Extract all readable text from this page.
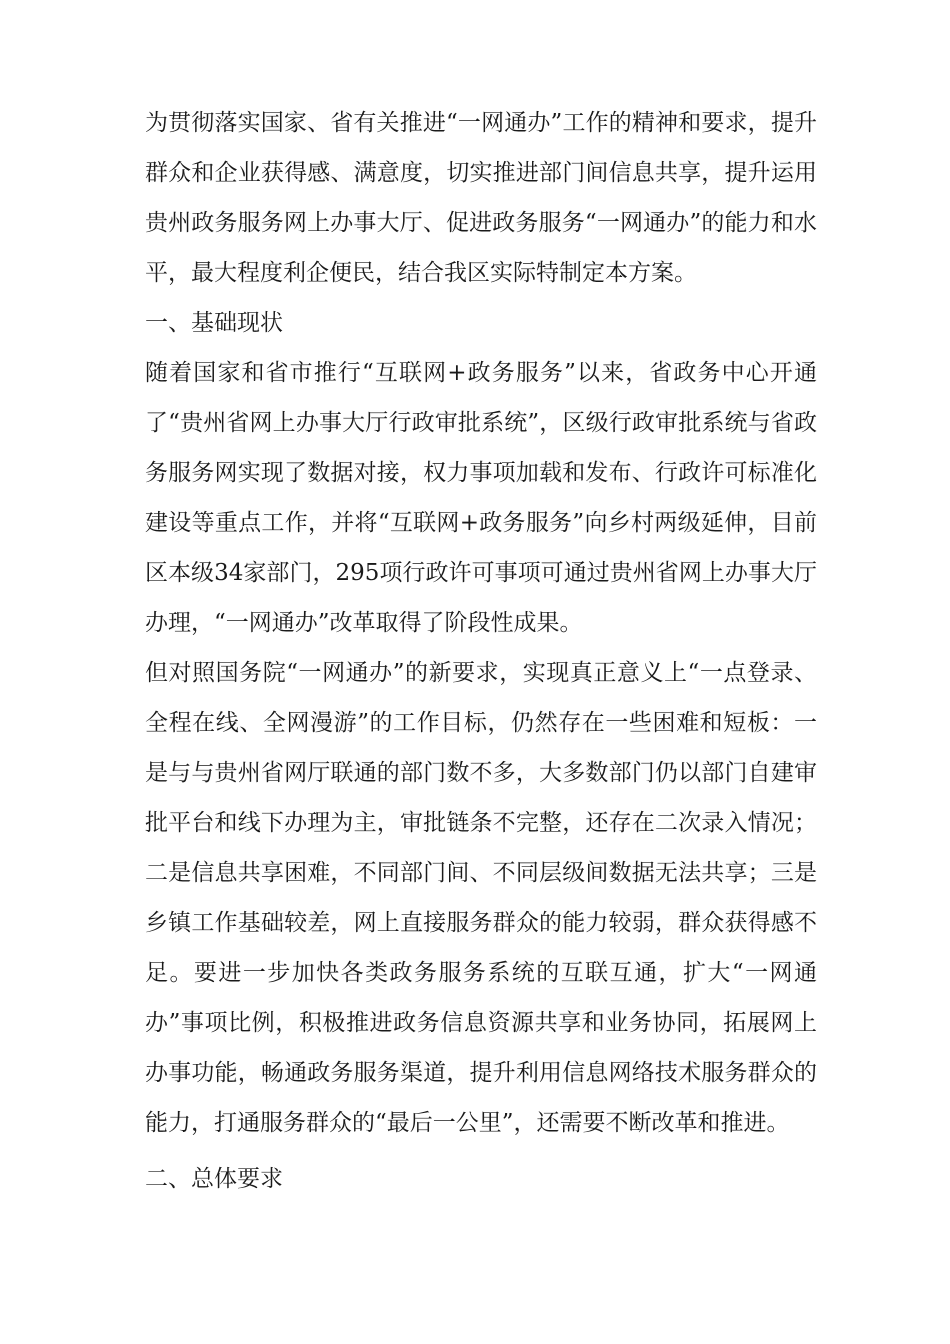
为贯彻落实国家、省有关推进“一网通办”工作的精神和要求，提升群众和企业获得感、满意度，切实推进部门间信息共享，提升运用贵州政务服务网上办事大厅、促进政务服务“一网通办”的能力和水平，最大程度利企便民，结合我区实际特制定本方案。

一、基础现状

随着国家和省市推行“互联网+政务服务”以来，省政务中心开通了“贵州省网上办事大厅行政审批系统”，区级行政审批系统与省政务服务网实现了数据对接，权力事项加载和发布、行政许可标准化建设等重点工作，并将“互联网+政务服务”向乡村两级延伸，目前区本级34家部门，295项行政许可事项可通过贵州省网上办事大厅办理，“一网通办”改革取得了阶段性成果。

但对照国务院“一网通办”的新要求，实现真正意义上“一点登录、全程在线、全网漫游”的工作目标，仍然存在一些困难和短板：一是与与贵州省网厅联通的部门数不多，大多数部门仍以部门自建审批平台和线下办理为主，审批链条不完整，还存在二次录入情况；二是信息共享困难，不同部门间、不同层级间数据无法共享；三是乡镇工作基础较差，网上直接服务群众的能力较弱，群众获得感不足。要进一步加快各类政务服务系统的互联互通，扩大“一网通办”事项比例，积极推进政务信息资源共享和业务协同，拓展网上办事功能，畅通政务服务渠道，提升利用信息网络技术服务群众的能力，打通服务群众的“最后一公里”，还需要不断改革和推进。

二、总体要求
